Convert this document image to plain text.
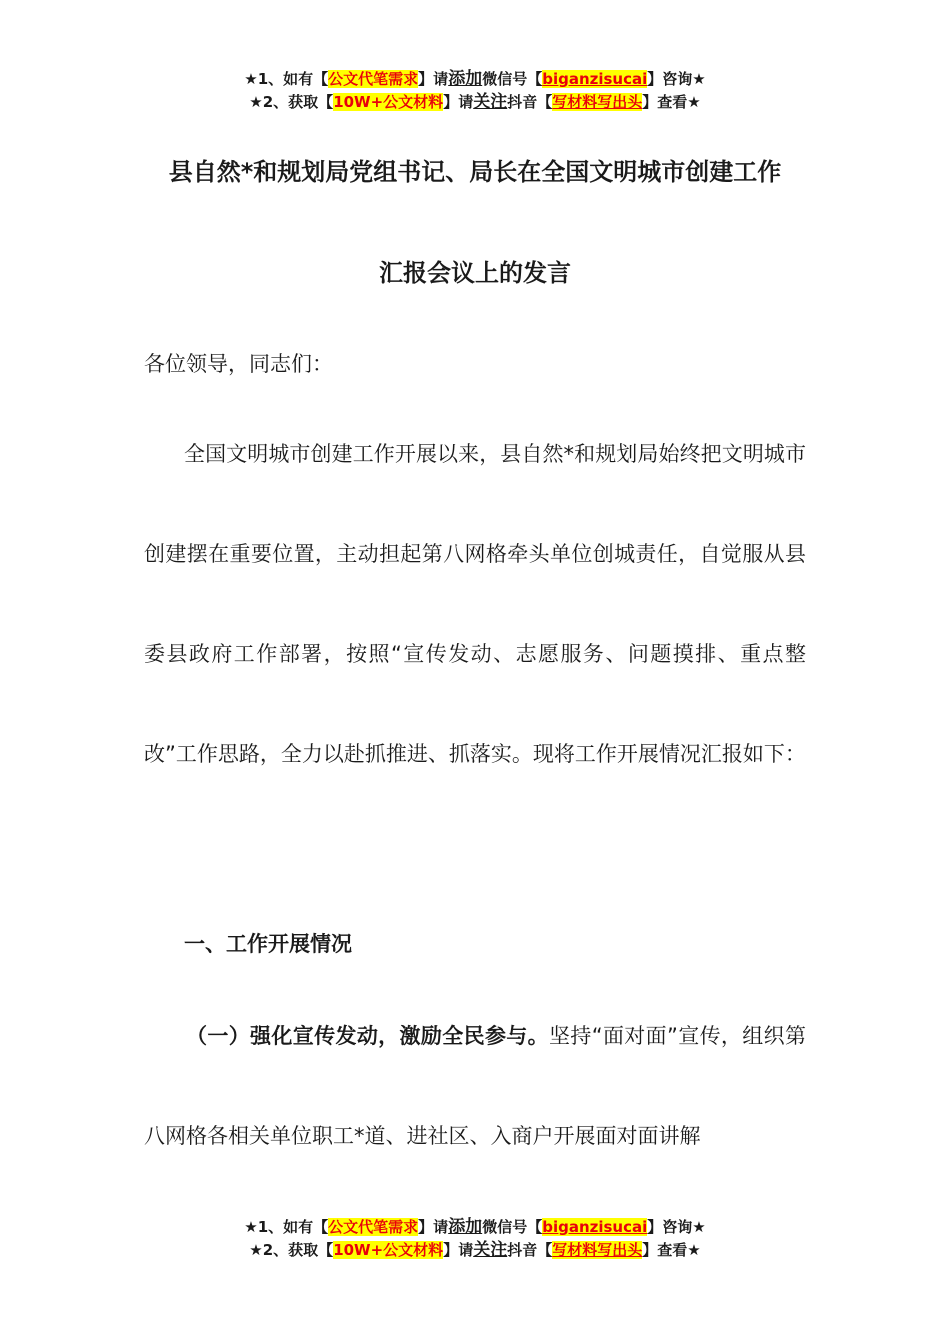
★1、如有【公文代笔需求】请添加微信号【biganzisucai】咨询★
★2、获取【10W+公文材料】请关注抖音【写材料写出头】查看★
县自然*和规划局党组书记、局长在全国文明城市创建工作
汇报会议上的发言

各位领导，同志们：

全国文明城市创建工作开展以来，县自然*和规划局始终把文明城市创建摆在重要位置，主动担起第八网格牵头单位创城责任，自觉服从县委县政府工作部署，按照“宣传发动、志愿服务、问题摸排、重点整改”工作思路，全力以赴抓推进、抓落实。现将工作开展情况汇报如下：

一、工作开展情况

（一）强化宣传发动，激励全民参与。坚持“面对面”宣传，组织第八网格各相关单位职工*道、进社区、入商户开展面对面讲解

★1、如有【公文代笔需求】请添加微信号【biganzisucai】咨询★
★2、获取【10W+公文材料】请关注抖音【写材料写出头】查看★
